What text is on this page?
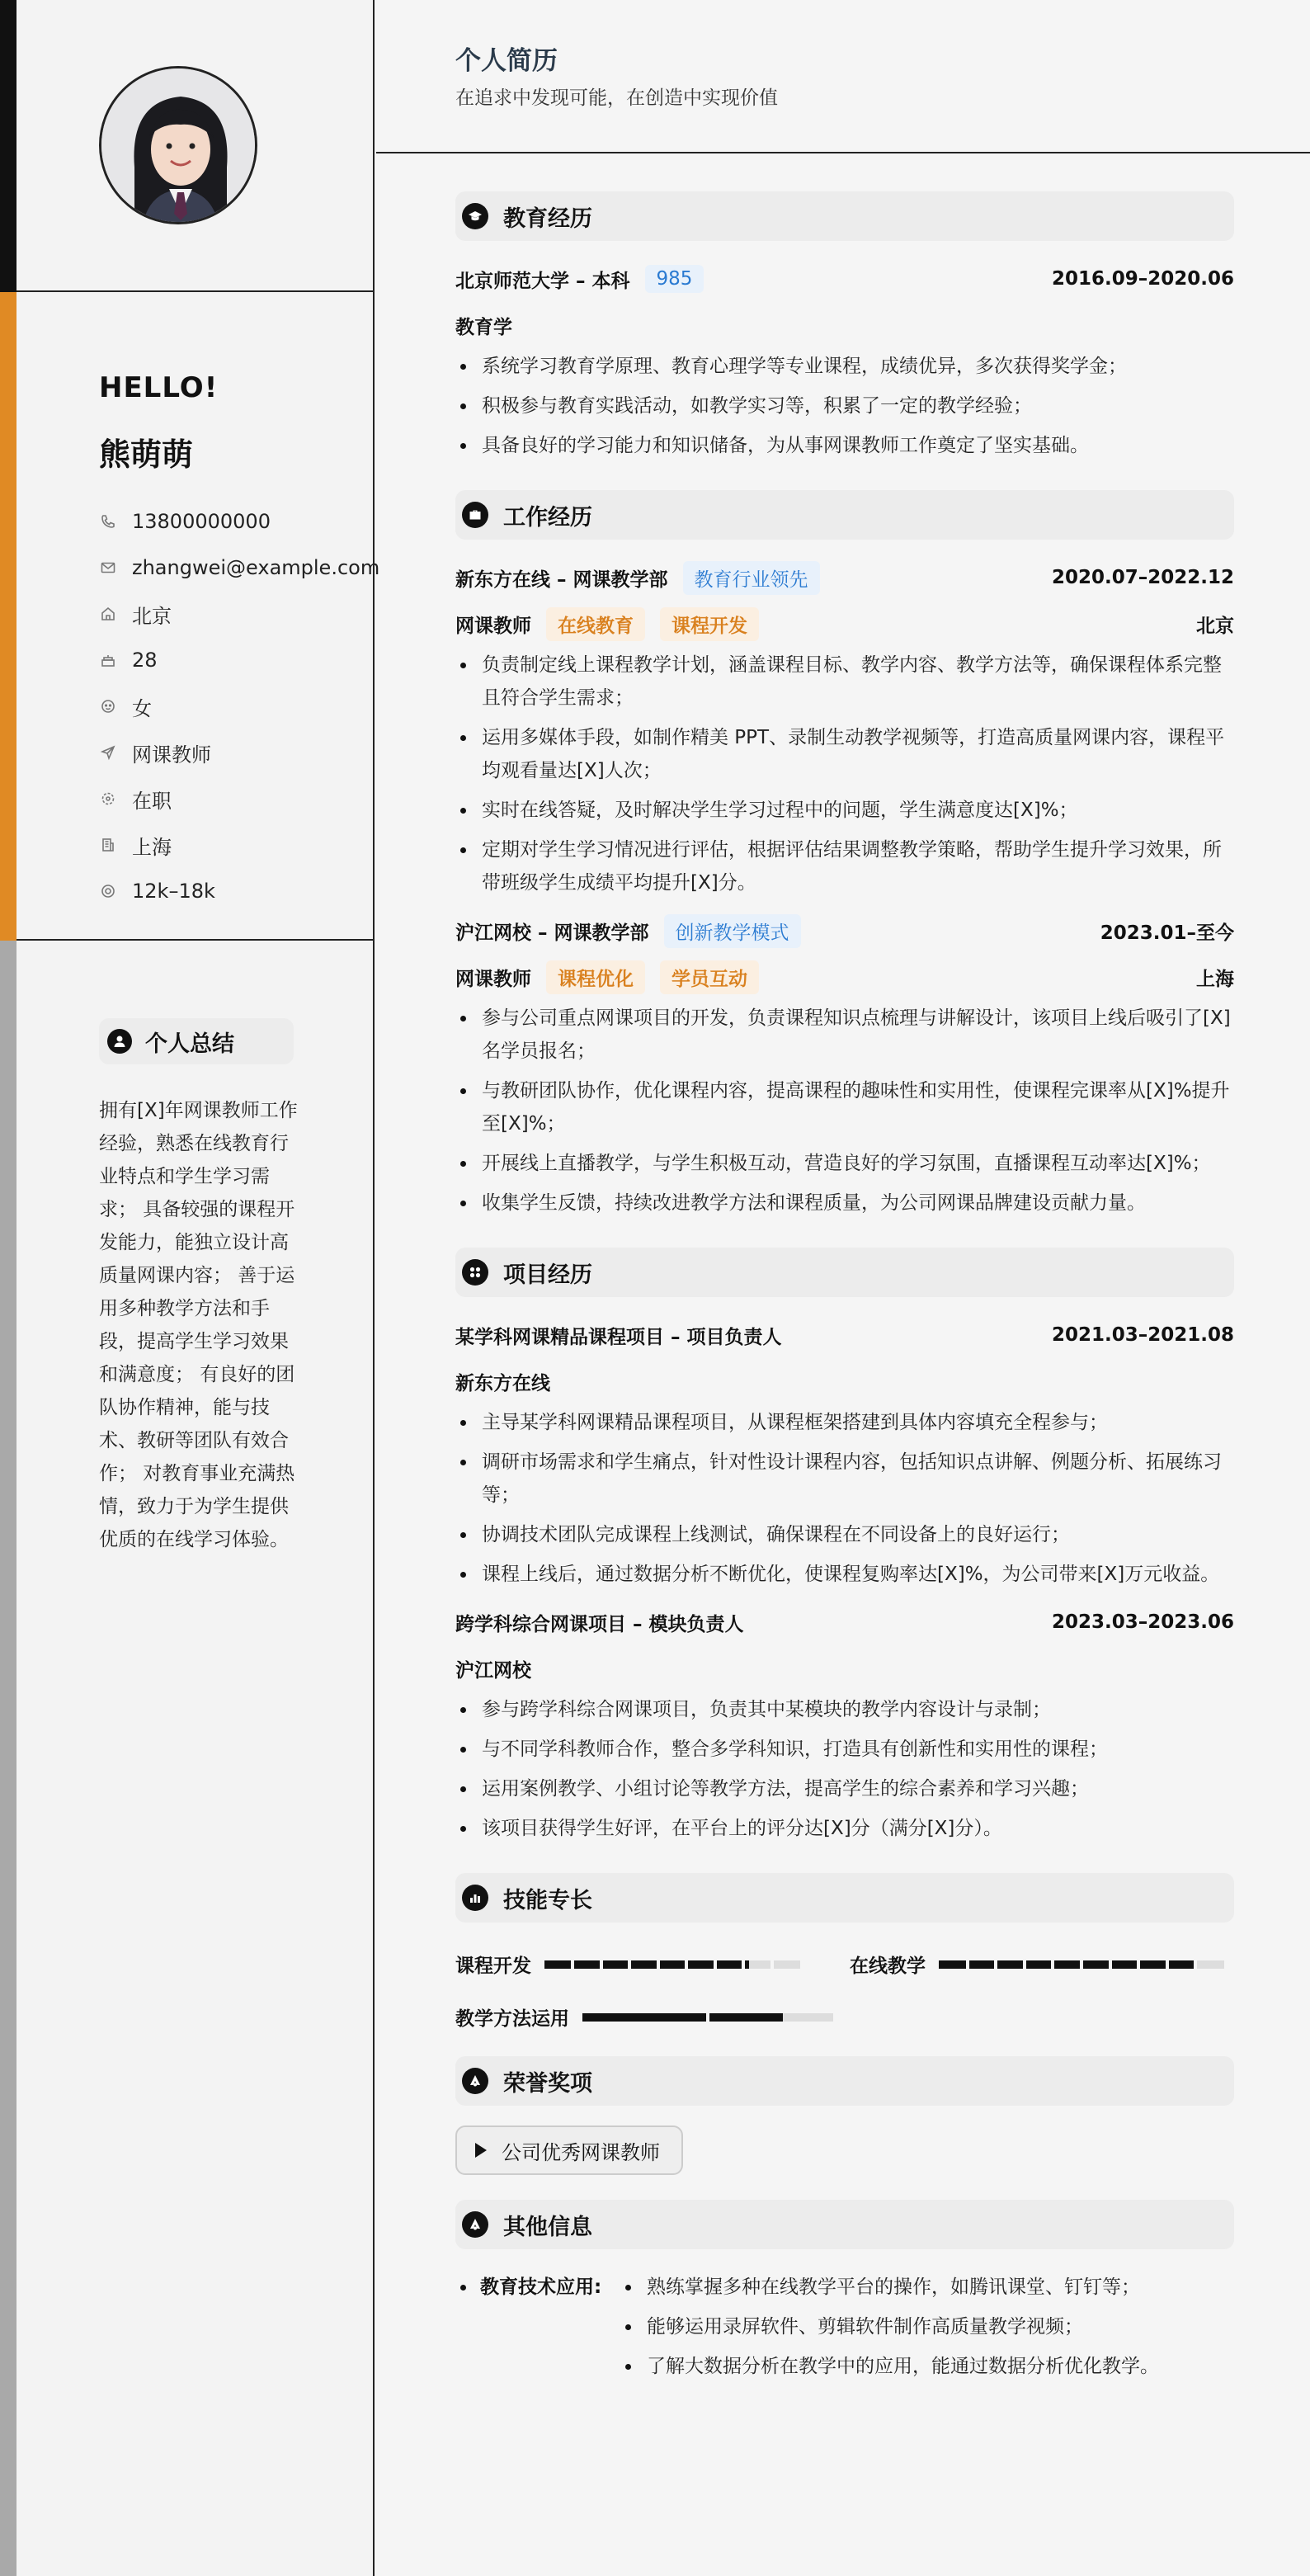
HELLO!
熊萌萌
13800000000
zhangwei@example.com
北京
28
女
网课教师
在职
上海
12k–18k
个人总结

拥有[X]年网课教师工作经验，熟悉在线教育行业特点和学生学习需求； 具备较强的课程开发能力，能独立设计高质量网课内容； 善于运用多种教学方法和手段，提高学生学习效果和满意度； 有良好的团队协作精神，能与技术、教研等团队有效合作； 对教育事业充满热情，致力于为学生提供优质的在线学习体验。

个人简历
在追求中发现可能，在创造中实现价值
教育经历
北京师范大学 – 本科	985	2016.09–2020.06
教育学
系统学习教育学原理、教育心理学等专业课程，成绩优异，多次获得奖学金；
积极参与教育实践活动，如教学实习等，积累了一定的教学经验；
具备良好的学习能力和知识储备，为从事网课教师工作奠定了坚实基础。
工作经历
新东方在线 – 网课教学部	教育行业领先	2020.07–2022.12
网课教师	在线教育	课程开发	北京
负责制定线上课程教学计划，涵盖课程目标、教学内容、教学方法等，确保课程体系完整且符合学生需求；
运用多媒体手段，如制作精美 PPT、录制生动教学视频等，打造高质量网课内容，课程平均观看量达[X]人次；
实时在线答疑，及时解决学生学习过程中的问题，学生满意度达[X]%；
定期对学生学习情况进行评估，根据评估结果调整教学策略，帮助学生提升学习效果，所带班级学生成绩平均提升[X]分。
沪江网校 – 网课教学部	创新教学模式	2023.01–至今
网课教师	课程优化	学员互动	上海
参与公司重点网课项目的开发，负责课程知识点梳理与讲解设计，该项目上线后吸引了[X]名学员报名；
与教研团队协作，优化课程内容，提高课程的趣味性和实用性，使课程完课率从[X]%提升至[X]%；
开展线上直播教学，与学生积极互动，营造良好的学习氛围，直播课程互动率达[X]%；
收集学生反馈，持续改进教学方法和课程质量，为公司网课品牌建设贡献力量。
项目经历
某学科网课精品课程项目 – 项目负责人	2021.03–2021.08
新东方在线
主导某学科网课精品课程项目，从课程框架搭建到具体内容填充全程参与；
调研市场需求和学生痛点，针对性设计课程内容，包括知识点讲解、例题分析、拓展练习等；
协调技术团队完成课程上线测试，确保课程在不同设备上的良好运行；
课程上线后，通过数据分析不断优化，使课程复购率达[X]%，为公司带来[X]万元收益。
跨学科综合网课项目 – 模块负责人	2023.03–2023.06
沪江网校
参与跨学科综合网课项目，负责其中某模块的教学内容设计与录制；
与不同学科教师合作，整合多学科知识，打造具有创新性和实用性的课程；
运用案例教学、小组讨论等教学方法，提高学生的综合素养和学习兴趣；
该项目获得学生好评，在平台上的评分达[X]分（满分[X]分）。
技能专长
课程开发	在线教学
教学方法运用
荣誉奖项
公司优秀网课教师
其他信息
教育技术应用:	熟练掌握多种在线教学平台的操作，如腾讯课堂、钉钉等；
能够运用录屏软件、剪辑软件制作高质量教学视频；
了解大数据分析在教学中的应用，能通过数据分析优化教学。
